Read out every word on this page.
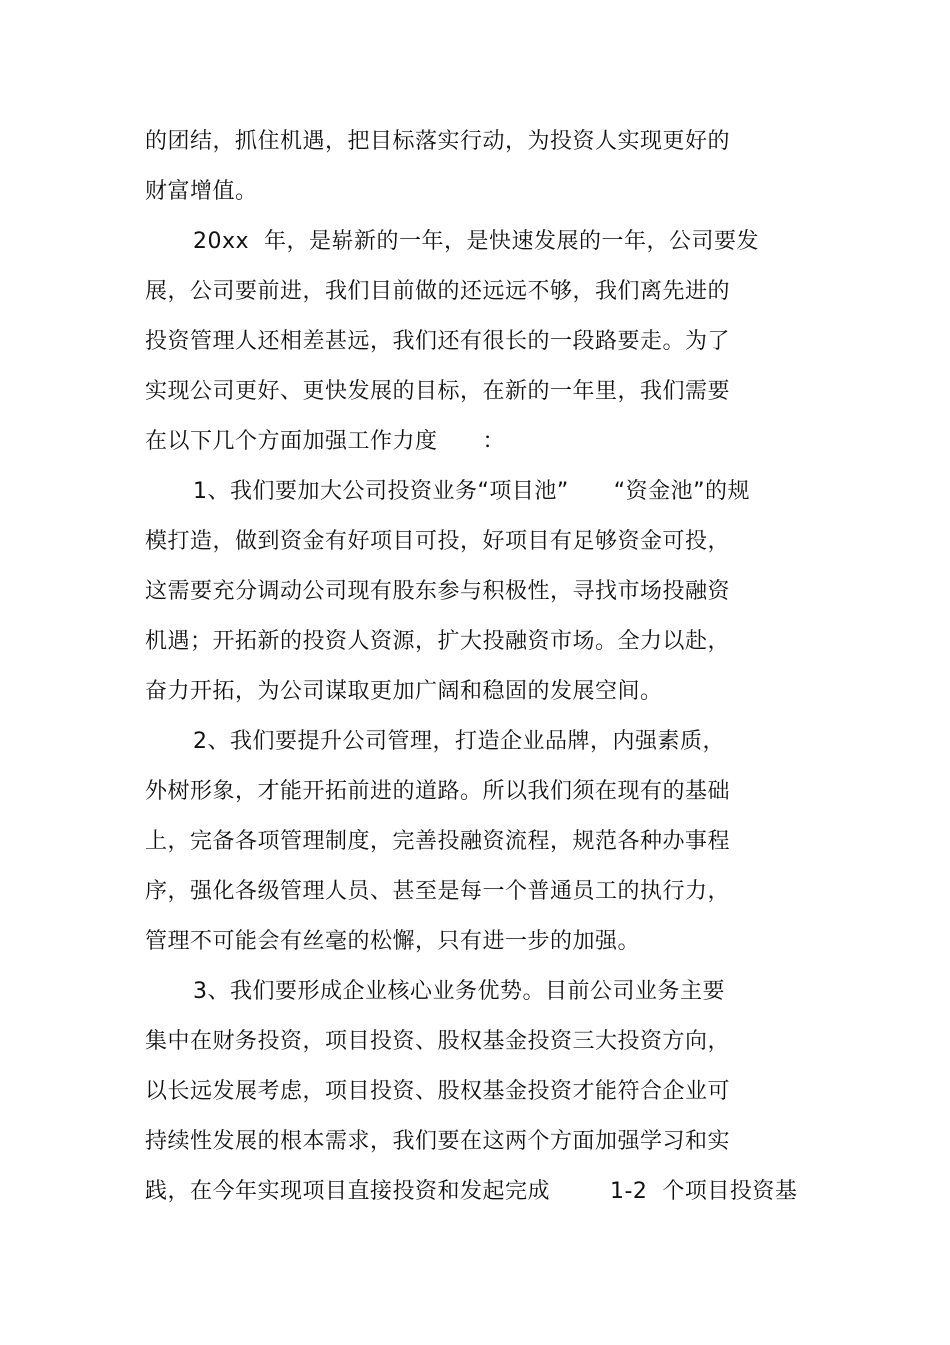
的团结，抓住机遇，把目标落实行动，为投资人实现更好的
财富增值。
20xx  年，是崭新的一年，是快速发展的一年，公司要发
展，公司要前进，我们目前做的还远远不够，我们离先进的
投资管理人还相差甚远，我们还有很长的一段路要走。为了
实现公司更好、更快发展的目标，在新的一年里，我们需要
在以下几个方面加强工作力度      ：
1、我们要加大公司投资业务“项目池”      “资金池”的规
模打造，做到资金有好项目可投，好项目有足够资金可投，
这需要充分调动公司现有股东参与积极性，寻找市场投融资
机遇；开拓新的投资人资源，扩大投融资市场。全力以赴，
奋力开拓，为公司谋取更加广阔和稳固的发展空间。
2、我们要提升公司管理，打造企业品牌，内强素质，
外树形象，才能开拓前进的道路。所以我们须在现有的基础
上，完备各项管理制度，完善投融资流程，规范各种办事程
序，强化各级管理人员、甚至是每一个普通员工的执行力，
管理不可能会有丝毫的松懈，只有进一步的加强。
3、我们要形成企业核心业务优势。目前公司业务主要
集中在财务投资，项目投资、股权基金投资三大投资方向，
以长远发展考虑，项目投资、股权基金投资才能符合企业可
持续性发展的根本需求，我们要在这两个方面加强学习和实
践，在今年实现项目直接投资和发起完成        1-2  个项目投资基
